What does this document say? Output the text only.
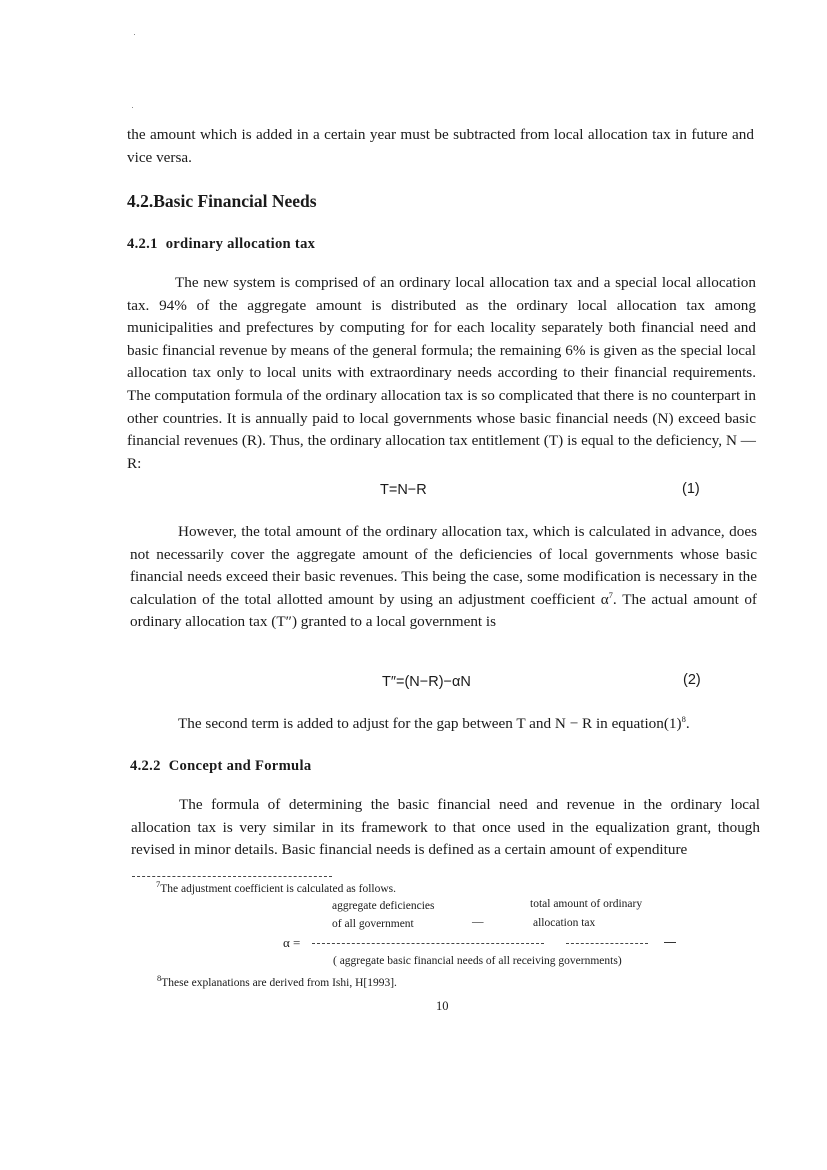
the amount which is added in a certain year must be subtracted from local allocation tax in future and vice versa.

4.2.Basic Financial Needs
4.2.1 ordinary allocation tax

The new system is comprised of an ordinary local allocation tax and a special local allocation tax. 94% of the aggregate amount is distributed as the ordinary local allocation tax among municipalities and prefectures by computing for for each locality separately both financial need and basic financial revenue by means of the general formula; the remaining 6% is given as the special local allocation tax only to local units with extraordinary needs according to their financial requirements. The computation formula of the ordinary allocation tax is so complicated that there is no counterpart in other countries. It is annually paid to local governments whose basic financial needs (N) exceed basic financial revenues (R). Thus, the ordinary allocation tax entitlement (T) is equal to the deficiency, N —R:

T=N−R	(1)

However, the total amount of the ordinary allocation tax, which is calculated in advance, does not necessarily cover the aggregate amount of the deficiencies of local governments whose basic financial needs exceed their basic revenues. This being the case, some modification is necessary in the calculation of the total allotted amount by using an adjustment coefficient $\alpha^7$. The actual amount of ordinary allocation tax (T″) granted to a local government is

T″=(N−R)−αN	(2)

The second term is added to adjust for the gap between T and N − R in $equation(1)^8$.

4.2.2 Concept and Formula

The formula of determining the basic financial need and revenue in the ordinary local allocation tax is very similar in its framework to that once used in the equalization grant, though revised in minor details. Basic financial needs is defined as a certain amount of expenditure

$^7$The adjustment coefficient is calculated as follows.

aggregate deficiencies
of all government	—
total amount of ordinary
allocation tax
α =
( aggregate basic financial needs of all receiving governments)

$^8$These explanations are derived from Ishi, H[1993].

10
